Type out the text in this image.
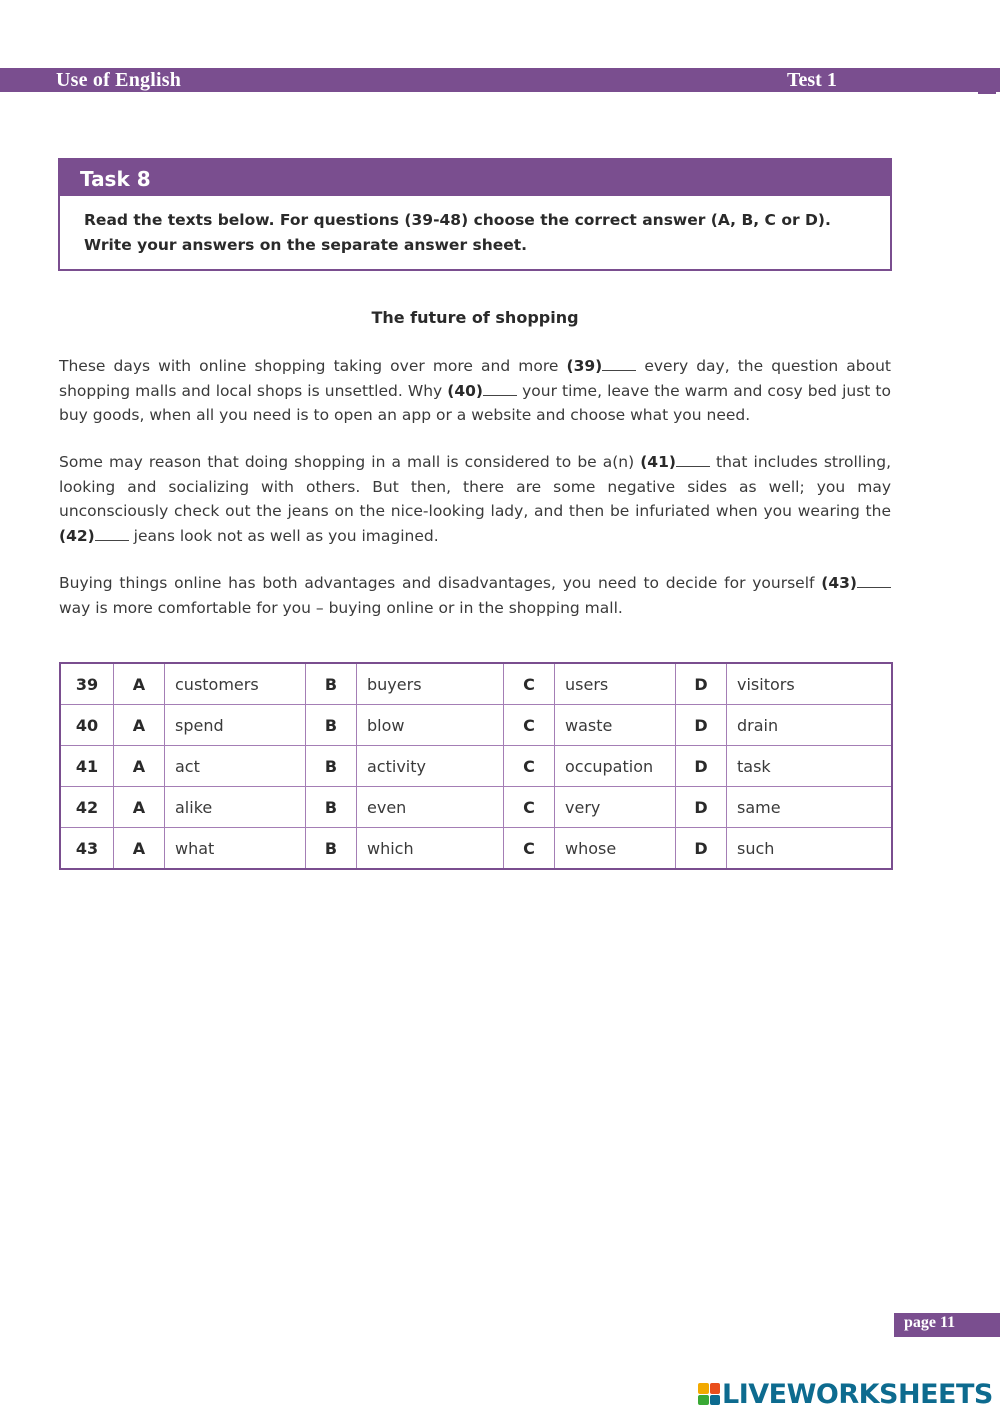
Use of English	Test 1
Task 8
Read the texts below. For questions (39-48) choose the correct answer (A, B, C or D). Write your answers on the separate answer sheet.
The future of shopping
These days with online shopping taking over more and more (39) every day, the question about shopping malls and local shops is unsettled. Why (40) your time, leave the warm and cosy bed just to buy goods, when all you need is to open an app or a website and choose what you need.
Some may reason that doing shopping in a mall is considered to be a(n) (41) that includes strolling, looking and socializing with others. But then, there are some negative sides as well; you may unconsciously check out the jeans on the nice-looking lady, and then be infuriated when you wearing the (42) jeans look not as well as you imagined.
Buying things online has both advantages and disadvantages, you need to decide for yourself (43) way is more comfortable for you – buying online or in the shopping mall.
39	A	customers	B	buyers	C	users	D	visitors
40	A	spend	B	blow	C	waste	D	drain
41	A	act	B	activity	C	occupation	D	task
42	A	alike	B	even	C	very	D	same
43	A	what	B	which	C	whose	D	such
page 11
LIVEWORKSHEETS
